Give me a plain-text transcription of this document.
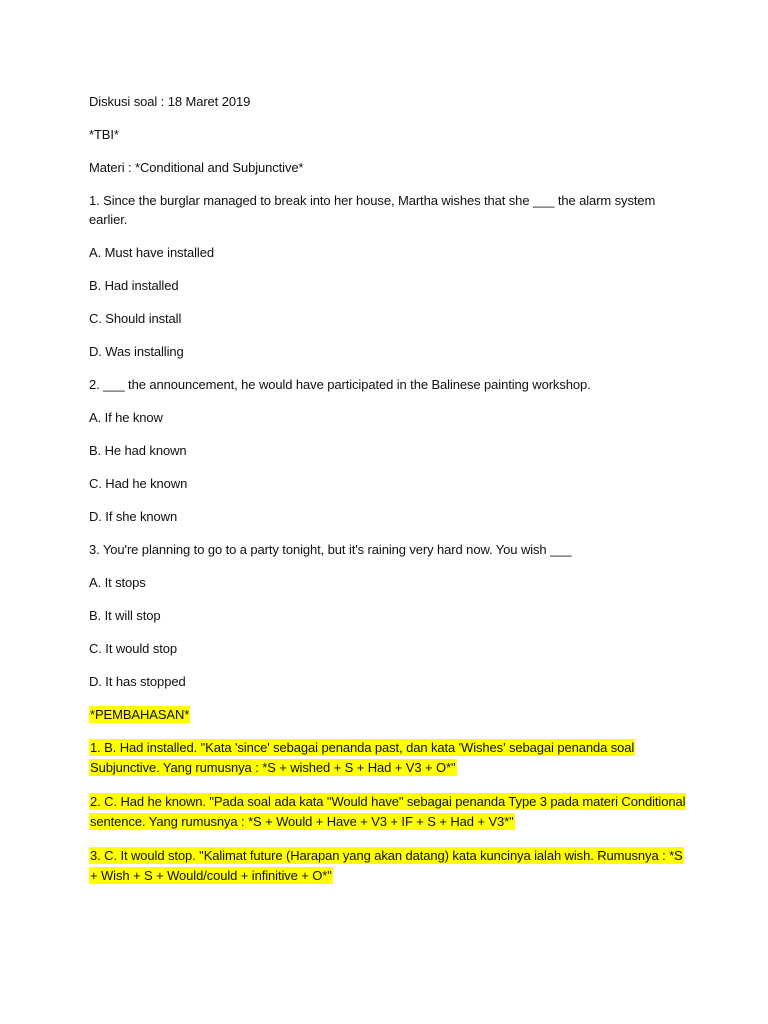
Diskusi soal : 18 Maret 2019

*TBI*

Materi : *Conditional and Subjunctive*

1. Since the burglar managed to break into her house, Martha wishes that she ___ the alarm system earlier.

A. Must have installed

B. Had installed

C. Should install

D. Was installing

2. ___ the announcement, he would have participated in the Balinese painting workshop.

A. If he know

B. He had known

C. Had he known

D. If she known

3. You're planning to go to a party tonight, but it's raining very hard now. You wish ___

A. It stops

B. It will stop

C. It would stop

D. It has stopped

*PEMBAHASAN*

1. B. Had installed. "Kata 'since' sebagai penanda past, dan kata 'Wishes' sebagai penanda soal Subjunctive. Yang rumusnya : *S + wished + S + Had + V3 + O*"

2. C. Had he known. "Pada soal ada kata "Would have" sebagai penanda Type 3 pada materi Conditional sentence. Yang rumusnya : *S + Would + Have + V3 + IF + S + Had + V3*"

3. C. It would stop. "Kalimat future (Harapan yang akan datang) kata kuncinya ialah wish. Rumusnya : *S + Wish + S + Would/could + infinitive + O*"
